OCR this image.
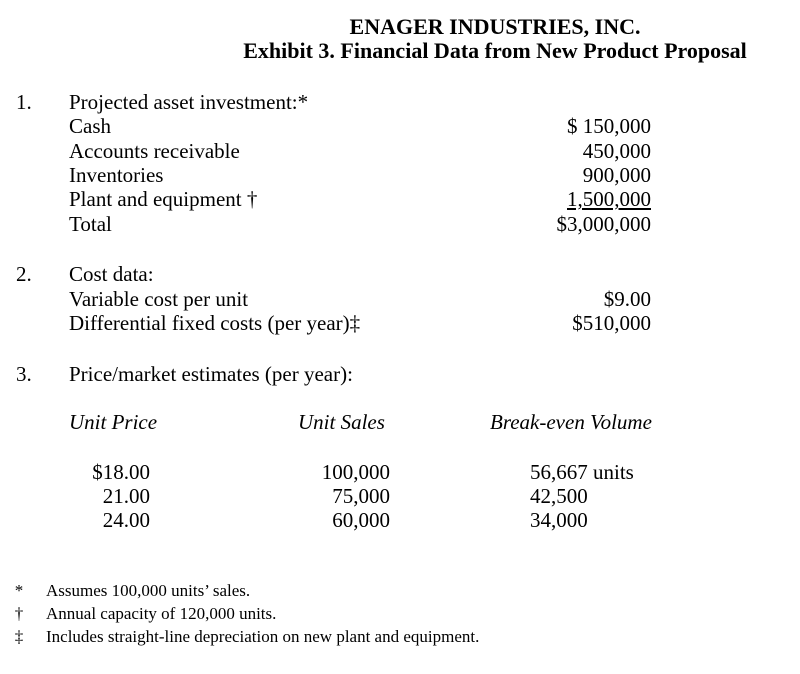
ENAGER INDUSTRIES, INC.
Exhibit 3. Financial Data from New Product Proposal
1. Projected asset investment:*
Cash	$ 150,000
Accounts receivable	450,000
Inventories	900,000
Plant and equipment †	1,500,000
Total	$3,000,000
2. Cost data:
Variable cost per unit	$9.00
Differential fixed costs (per year)‡	$510,000
3. Price/market estimates (per year):
Unit Price	Unit Sales	Break-even Volume
$18.00	100,000	56,667 units
21.00	75,000	42,500
24.00	60,000	34,000
* Assumes 100,000 units’ sales.
† Annual capacity of 120,000 units.
‡ Includes straight-line depreciation on new plant and equipment.
